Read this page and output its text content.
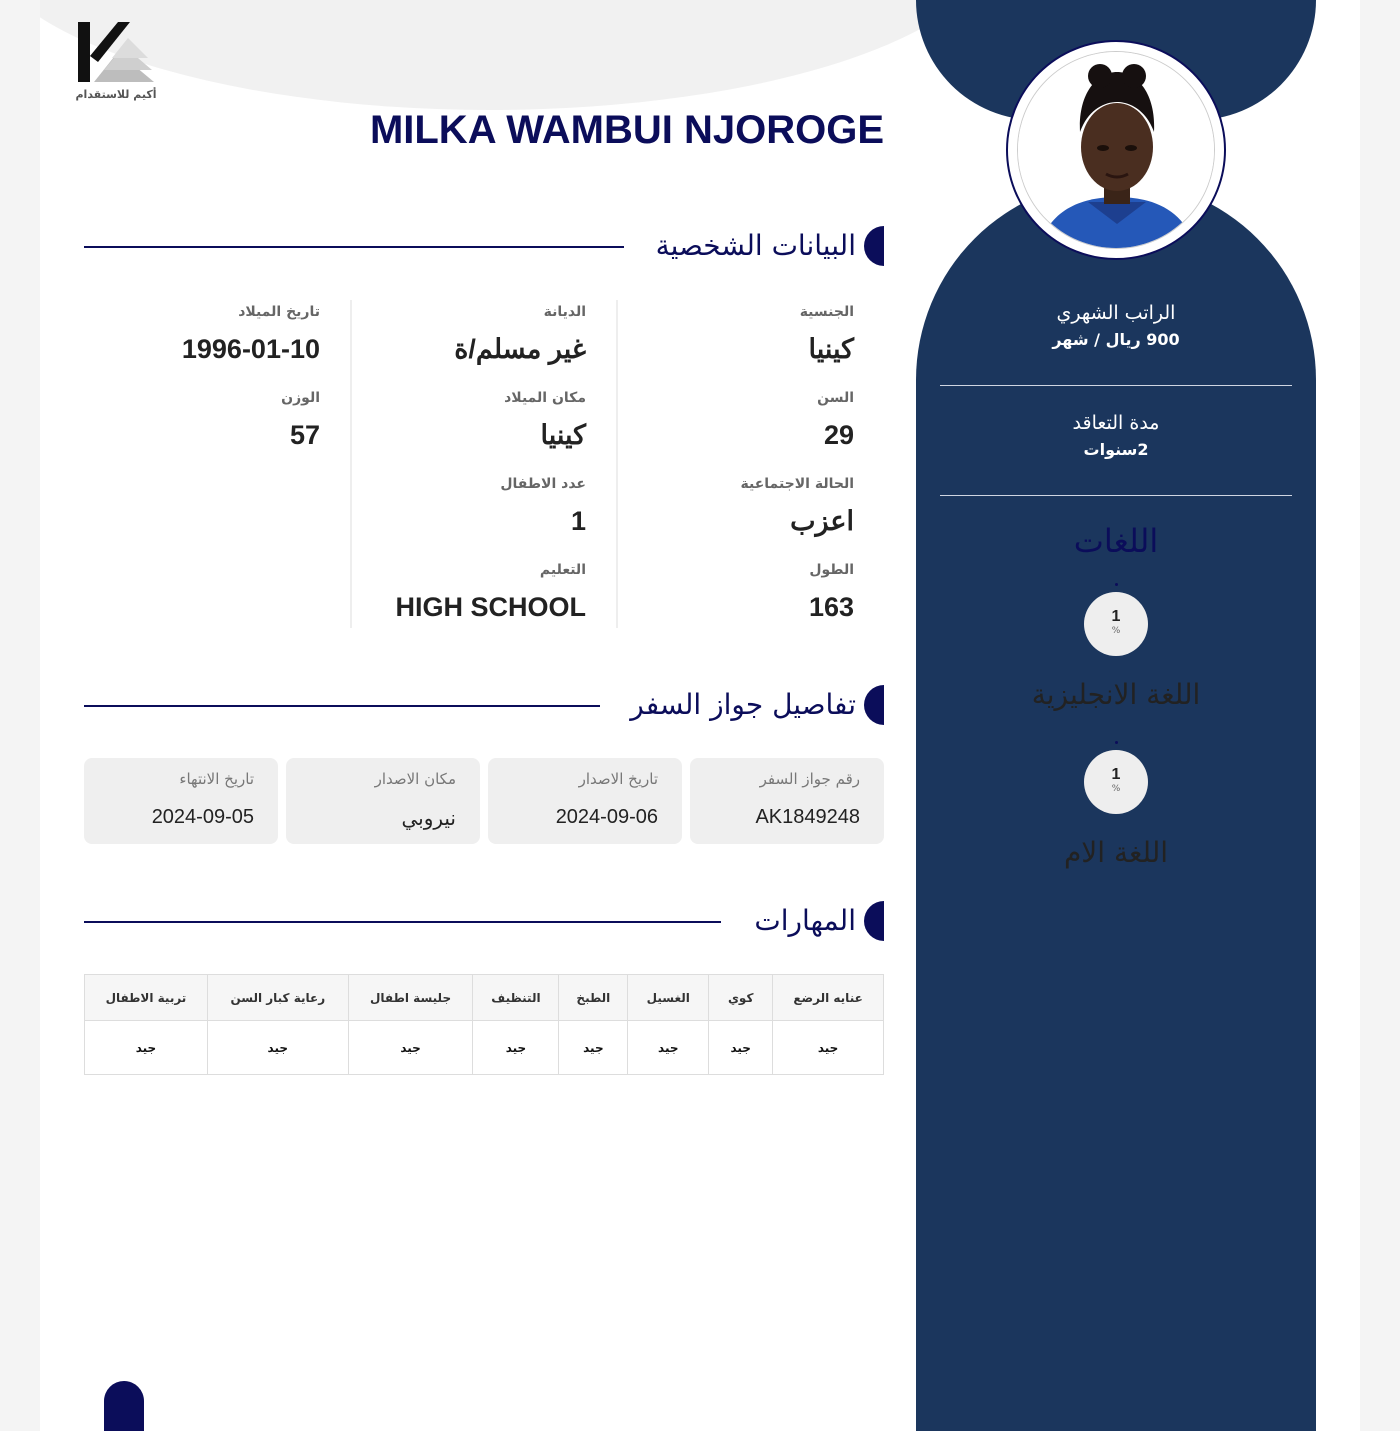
أكيم للاستقدام
MILKA WAMBUI NJOROGE
البيانات الشخصية
الجنسية
كينيا
السن
29
الحالة الاجتماعية
اعزب
الطول
163
الديانة
غير مسلم/ة
مكان الميلاد
كينيا
عدد الاطفال
1
التعليم
HIGH SCHOOL
تاريخ الميلاد
1996-01-10
الوزن
57
تفاصيل جواز السفر
رقم جواز السفر
AK1849248
تاريخ الاصدار
2024-09-06
مكان الاصدار
نيروبي
تاريخ الانتهاء
2024-09-05
المهارات
عنايه الرضع	كوي	الغسيل	الطبخ	التنظيف	جليسة اطفال	رعاية كبار السن	تربية الاطفال
جيد	جيد	جيد	جيد	جيد	جيد	جيد	جيد
الراتب الشهري
900 ريال / شهر
مدة التعاقد
2سنوات
اللغات
1
%
اللغة الانجليزية
1
%
اللغة الام
